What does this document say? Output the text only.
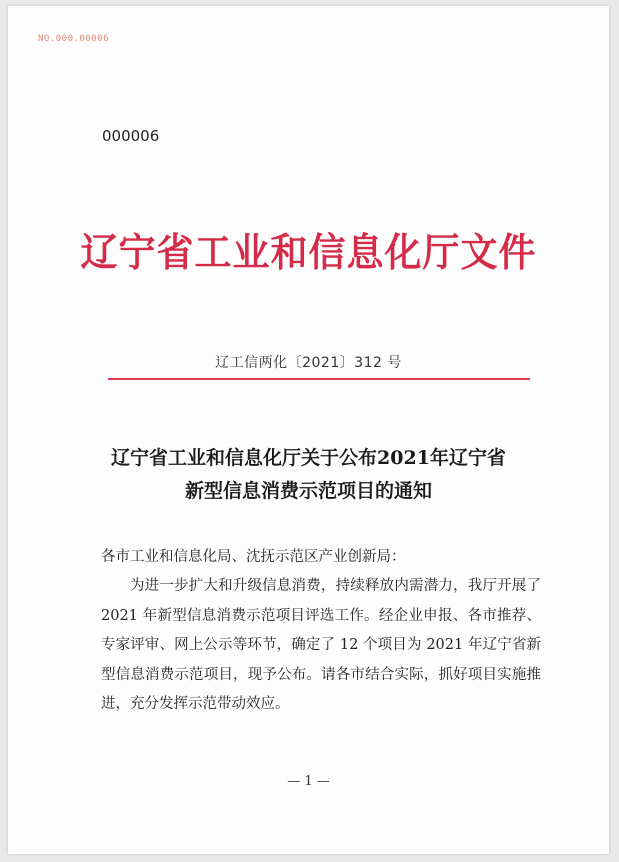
NO.000.00006
000006
辽宁省工业和信息化厅文件
辽工信两化〔2021〕312 号
辽宁省工业和信息化厅关于公布2021年辽宁省
新型信息消费示范项目的通知
各市工业和信息化局、沈抚示范区产业创新局：
为进一步扩大和升级信息消费，持续释放内需潜力，我厅开展了 2021 年新型信息消费示范项目评选工作。经企业申报、各市推荐、专家评审、网上公示等环节，确定了 12 个项目为 2021 年辽宁省新型信息消费示范项目，现予公布。请各市结合实际，抓好项目实施推进，充分发挥示范带动效应。
— 1 —
